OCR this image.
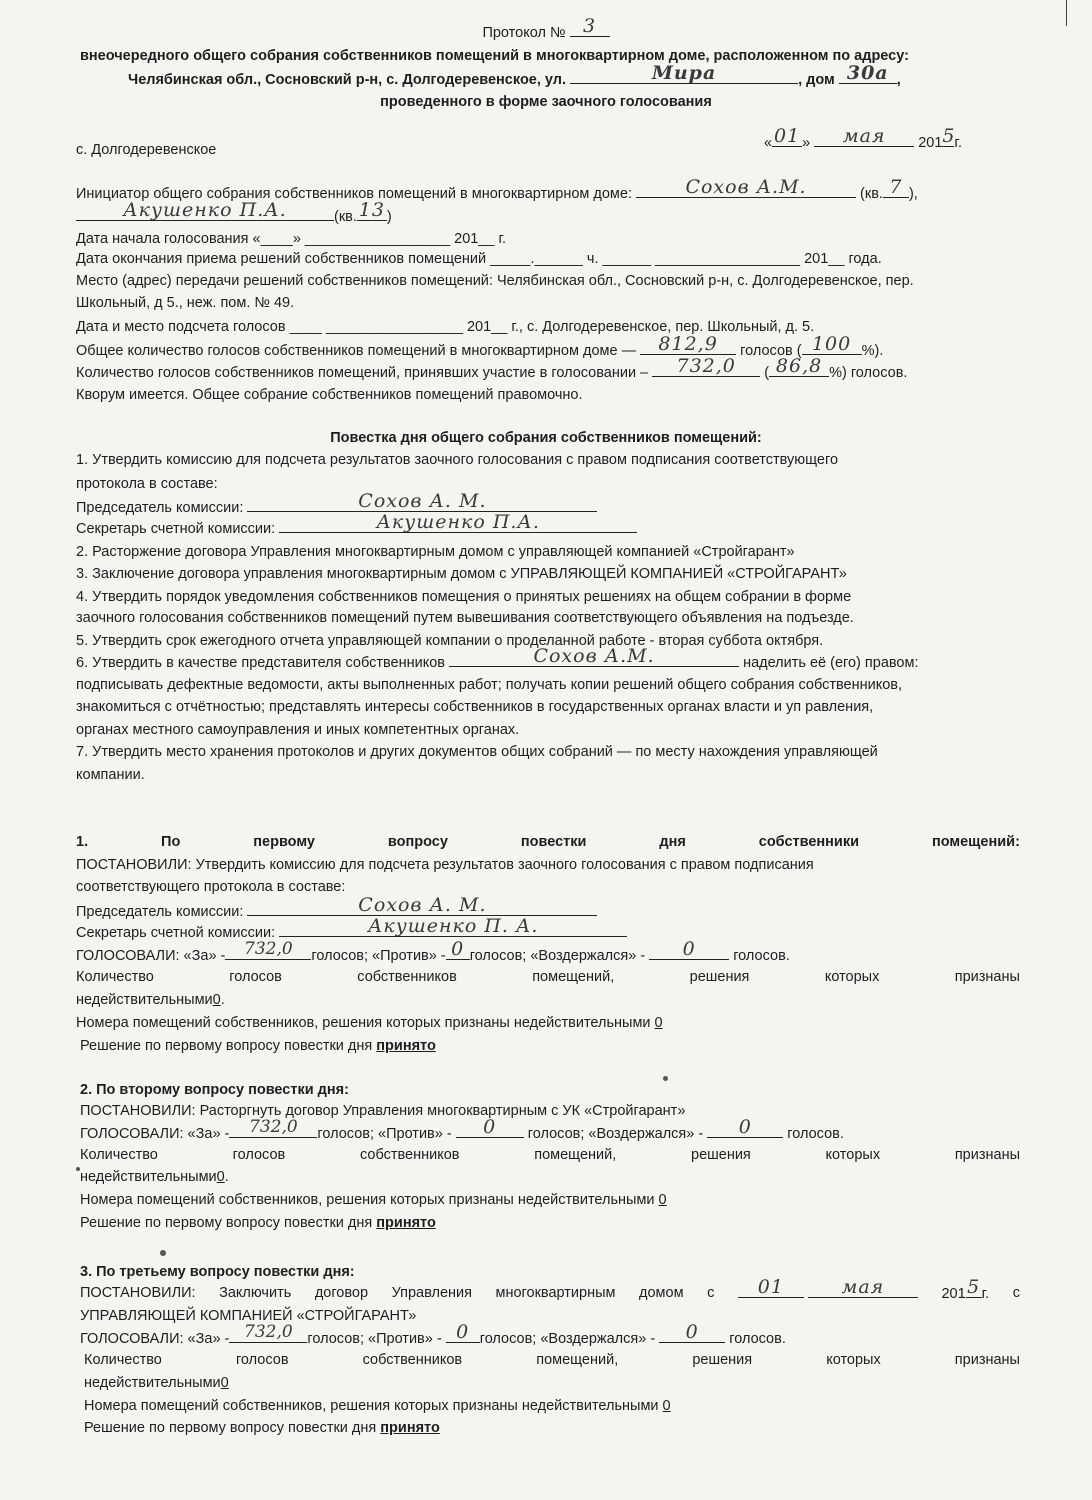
Протокол № 3
внеочередного общего собрания собственников помещений в многоквартирном доме, расположенном по адресу:
Челябинская обл., Сосновский р-н, с. Долгодеревенское, ул.	Мира	, дом 30а ,
проведенного в форме заочного голосования
с. Долгодеревенское	« 01 »	мая	201 5
г.
Инициатор общего собрания собственников помещений в многоквартирном доме:	Сохов А.М.	(кв. 7 ),
Акушенко П.А.	(кв. 13 )
Дата начала голосования «____» __________________ 201__ г.
Дата окончания приема решений собственников помещений _____.______ ч. ______ __________________ 201__ года.
Место (адрес) передачи решений собственников помещений: Челябинская обл., Сосновский р-н, с. Долгодеревенское, пер.
Школьный, д 5., неж. пом. № 49.
Дата и место подсчета голосов ____ _________________ 201__ г., с. Долгодеревенское, пер. Школьный, д. 5.
Общее количество голосов собственников помещений в многоквартирном доме —	812,9	голосов ( 100 %).
Количество голосов собственников помещений, принявших участие в голосовании –	732,0	( 86,8 %) голосов.
Кворум имеется. Общее собрание собственников помещений правомочно.
Повестка дня общего собрания собственников помещений:
1. Утвердить комиссию для подсчета результатов заочного голосования с правом подписания соответствующего
протокола в составе:
Председатель комиссии:	Сохов А. М.
Секретарь счетной комиссии:	Акушенко П.А.
2. Расторжение договора Управления многоквартирным домом с управляющей компанией «Стройгарант»
3. Заключение договора управления многоквартирным домом с УПРАВЛЯЮЩЕЙ КОМПАНИЕЙ «СТРОЙГАРАНТ»
4. Утвердить порядок уведомления собственников помещения о принятых решениях на общем собрании в форме
заочного голосования собственников помещений путем вывешивания соответствующего объявления на подъезде.
5. Утвердить срок ежегодного отчета управляющей компании о проделанной работе - вторая суббота октября.
6. Утвердить в качестве представителя собственников	Сохов А.М.	наделить её (его) правом:
подписывать дефектные ведомости, акты выполненных работ; получать копии решений общего собрания собственников,
знакомиться с отчётностью; представлять интересы собственников в государственных органах власти и уп равления,
органах местного самоуправления и иных компетентных органах.
7. Утвердить место хранения протоколов и других документов общих собраний — по месту нахождения управляющей
компании.
1.	По	первому	вопросу	повестки	дня	собственники	помещений:
ПОСТАНОВИЛИ: Утвердить комиссию для подсчета результатов заочного голосования с правом подписания
соответствующего протокола в составе:
Председатель комиссии:	Сохов А. М.
Секретарь счетной комиссии:	Акушенко П. А.
ГОЛОСОВАЛИ: «За» -	732,0	голосов; «Против» - 0 голосов; «Воздержался» -	0	голосов.
Количество	голосов	собственников	помещений,	решения	которых	признаны
недействительными0.
Номера помещений собственников, решения которых признаны недействительными 0
Решение по первому вопросу повестки дня принято
2. По второму вопросу повестки дня:
ПОСТАНОВИЛИ: Расторгнуть договор Управления многоквартирным с УК «Стройгарант»
ГОЛОСОВАЛИ: «За» -	732,0	голосов; «Против» -	0	голосов; «Воздержался» -	0	голосов.
Количество	голосов	собственников	помещений,	решения	которых	признаны
недействительными0.
Номера помещений собственников, решения которых признаны недействительными 0
Решение по первому вопросу повестки дня принято
3. По третьему вопросу повестки дня:
ПОСТАНОВИЛИ: Заключить договор Управления многоквартирным домом с	01
	мая	201 5 г. с
УПРАВЛЯЮЩЕЙ КОМПАНИЕЙ «СТРОЙГАРАНТ»
ГОЛОСОВАЛИ: «За» - 732,0	голосов; «Против» - 0 голосов; «Воздержался» -	0	голосов.
Количество	голосов	собственников	помещений,	решения	которых	признаны
недействительными0
Номера помещений собственников, решения которых признаны недействительными 0
Решение по первому вопросу повестки дня принято
